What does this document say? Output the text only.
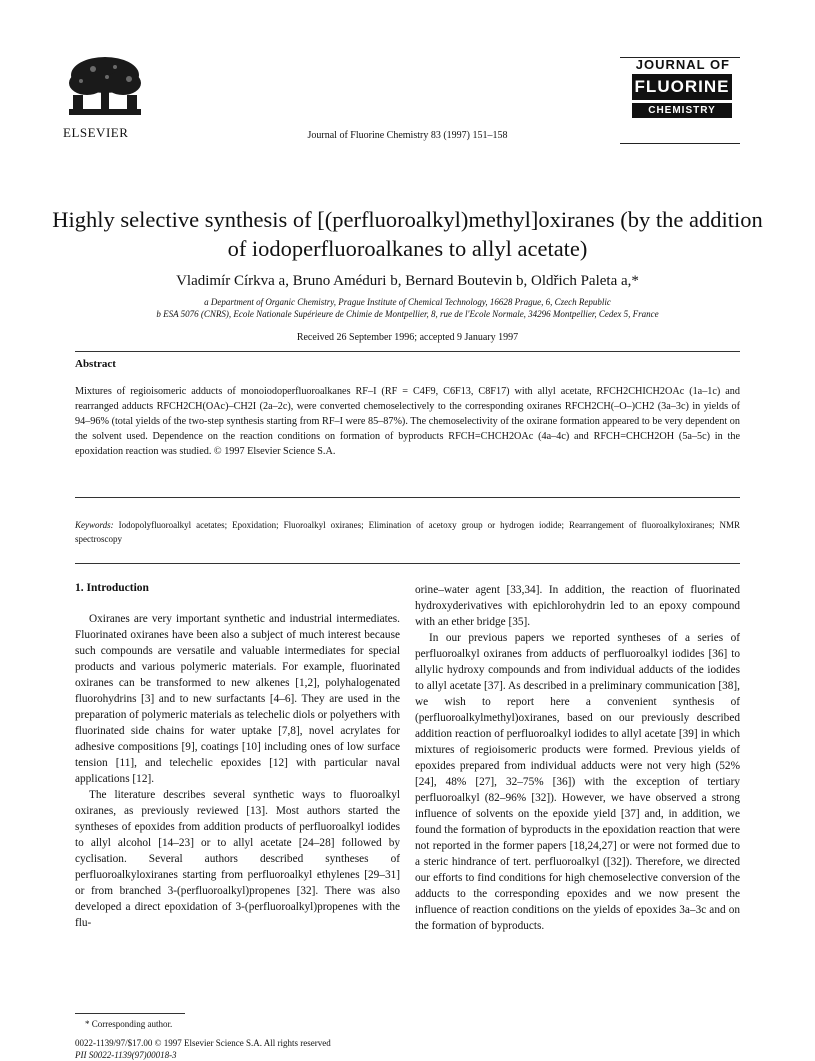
ELSEVIER	Journal of Fluorine Chemistry 83 (1997) 151–158
JOURNAL OF
FLUORINE
CHEMISTRY
Highly selective synthesis of [(perfluoroalkyl)methyl]oxiranes (by the addition of iodoperfluoroalkanes to allyl acetate)
Vladimír Církva a, Bruno Améduri b, Bernard Boutevin b, Oldřich Paleta a,*
a Department of Organic Chemistry, Prague Institute of Chemical Technology, 16628 Prague, 6, Czech Republic
b ESA 5076 (CNRS), Ecole Nationale Supérieure de Chimie de Montpellier, 8, rue de l'Ecole Normale, 34296 Montpellier, Cedex 5, France
Received 26 September 1996; accepted 9 January 1997
Abstract
Mixtures of regioisomeric adducts of monoiodoperfluoroalkanes RF–I (RF = C4F9, C6F13, C8F17) with allyl acetate, RFCH2CHICH2OAc (1a–1c) and rearranged adducts RFCH2CH(OAc)–CH2I (2a–2c), were converted chemoselectively to the corresponding oxiranes RFCH2CH(–O–)CH2 (3a–3c) in yields of 94–96% (total yields of the two-step synthesis starting from RF–I were 85–87%). The chemoselectivity of the oxirane formation appeared to be very dependent on the solvent used. Dependence on the reaction conditions on formation of byproducts RFCH=CHCH2OAc (4a–4c) and RFCH=CHCH2OH (5a–5c) in the epoxidation reaction was studied. © 1997 Elsevier Science S.A.
Keywords: Iodopolyfluoroalkyl acetates; Epoxidation; Fluoroalkyl oxiranes; Elimination of acetoxy group or hydrogen iodide; Rearrangement of fluoroalkyloxiranes; NMR spectroscopy
1. Introduction

Oxiranes are very important synthetic and industrial intermediates. Fluorinated oxiranes have been also a subject of much interest because such compounds are versatile and valuable intermediates for special products and various polymeric materials. For example, fluorinated oxiranes can be transformed to new alkenes [1,2], polyhalogenated fluorohydrins [3] and to new surfactants [4–6]. They are used in the preparation of polymeric materials as telechelic diols or polyethers with fluorinated side chains for water uptake [7,8], novel acrylates for adhesive compositions [9], coatings [10] including ones of low surface tension [11], and telechelic epoxides [12] with particular naval applications [12].

The literature describes several synthetic ways to fluoroalkyl oxiranes, as previously reviewed [13]. Most authors started the syntheses of epoxides from addition products of perfluoroalkyl iodides to allyl alcohol [14–23] or to allyl acetate [24–28] followed by cyclisation. Several authors described syntheses of perfluoroalkyloxiranes starting from perfluoroalkyl ethylenes [29–31] or from branched 3-(perfluoroalkyl)propenes [32]. There was also developed a direct epoxidation of 3-(perfluoroalkyl)propenes with the flu-

orine–water agent [33,34]. In addition, the reaction of fluorinated hydroxyderivatives with epichlorohydrin led to an epoxy compound with an ether bridge [35].

In our previous papers we reported syntheses of a series of perfluoroalkyl oxiranes from adducts of perfluoroalkyl iodides [36] to allylic hydroxy compounds and from individual adducts of the iodides to allyl acetate [37]. As described in a preliminary communication [38], we wish to report here a convenient synthesis of (perfluoroalkylmethyl)oxiranes, based on our previously described addition reaction of perfluoroalkyl iodides to allyl acetate [39] in which mixtures of regioisomeric products were formed. Previous yields of epoxides prepared from individual adducts were not very high (52% [24], 48% [27], 32–75% [36]) with the exception of tertiary perfluoroalkyl (82–96% [32]). However, we have observed a strong influence of solvents on the epoxide yield [37] and, in addition, we found the formation of byproducts in the epoxidation reaction that were not reported in the former papers [18,24,27] or were not formed due to a steric hindrance of tert. perfluoroalkyl ([32]). Therefore, we directed our efforts to find conditions for high chemoselective conversion of the adducts to the corresponding epoxides and we now present the influence of reaction conditions on the yields of epoxides 3a–3c and on the formation of byproducts.

* Corresponding author.
0022-1139/97/$17.00 © 1997 Elsevier Science S.A. All rights reserved
PII S0022-1139(97)00018-3
